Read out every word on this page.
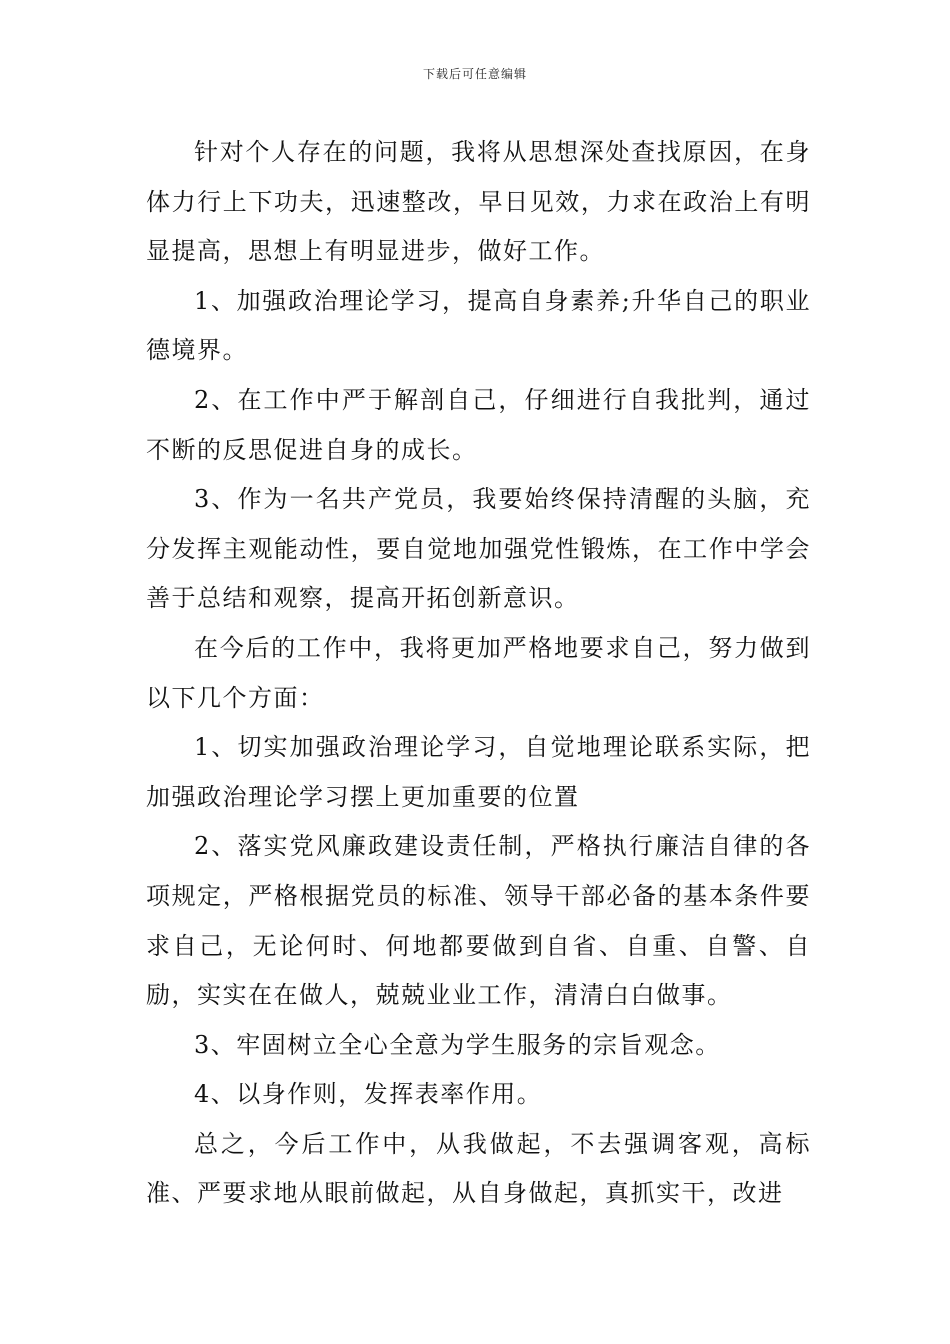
下载后可任意编辑

针对个人存在的问题，我将从思想深处查找原因，在身体力行上下功夫，迅速整改，早日见效，力求在政治上有明显提高，思想上有明显进步，做好工作。

1、加强政治理论学习，提高自身素养;升华自己的职业德境界。

2、在工作中严于解剖自己，仔细进行自我批判，通过不断的反思促进自身的成长。

3、作为一名共产党员，我要始终保持清醒的头脑，充分发挥主观能动性，要自觉地加强党性锻炼，在工作中学会善于总结和观察，提高开拓创新意识。

在今后的工作中，我将更加严格地要求自己，努力做到以下几个方面：

1、切实加强政治理论学习，自觉地理论联系实际，把加强政治理论学习摆上更加重要的位置

2、落实党风廉政建设责任制，严格执行廉洁自律的各项规定，严格根据党员的标准、领导干部必备的基本条件要求自己，无论何时、何地都要做到自省、自重、自警、自励，实实在在做人，兢兢业业工作，清清白白做事。

3、牢固树立全心全意为学生服务的宗旨观念。

4、以身作则，发挥表率作用。

总之，今后工作中，从我做起，不去强调客观，高标准、严要求地从眼前做起，从自身做起，真抓实干，改进
